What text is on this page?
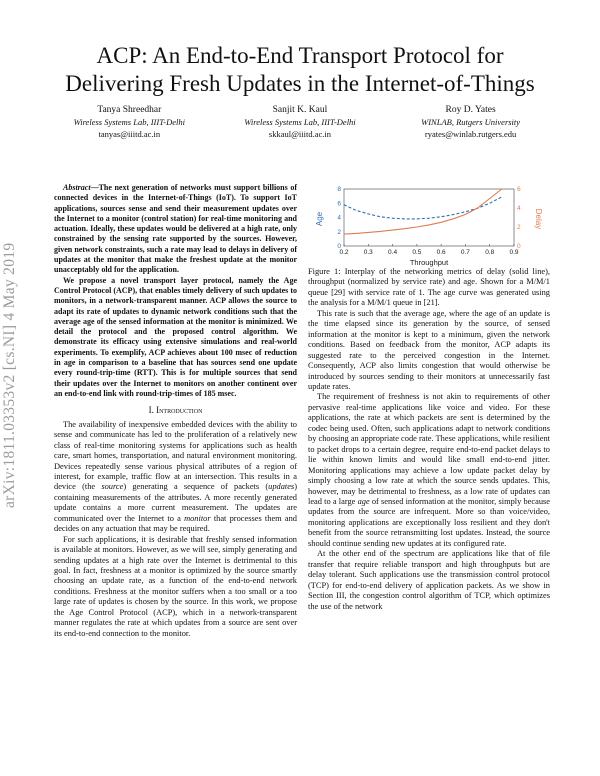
ACP: An End-to-End Transport Protocol for
Delivering Fresh Updates in the Internet-of-Things
Tanya Shreedhar
Wireless Systems Lab, IIIT-Delhi
tanyas@iiitd.ac.in
Sanjit K. Kaul
Wireless Systems Lab, IIIT-Delhi
skkaul@iiitd.ac.in
Roy D. Yates
WINLAB, Rutgers University
ryates@winlab.rutgers.edu
arXiv:1811.03353v2 [cs.NI] 4 May 2019

Abstract—The next generation of networks must support billions of connected devices in the Internet-of-Things (IoT). To support IoT applications, sources sense and send their measurement updates over the Internet to a monitor (control station) for real-time monitoring and actuation. Ideally, these updates would be delivered at a high rate, only constrained by the sensing rate supported by the sources. However, given network constraints, such a rate may lead to delays in delivery of updates at the monitor that make the freshest update at the monitor unacceptably old for the application.

We propose a novel transport layer protocol, namely the Age Control Protocol (ACP), that enables timely delivery of such updates to monitors, in a network-transparent manner. ACP allows the source to adapt its rate of updates to dynamic network conditions such that the average age of the sensed information at the monitor is minimized. We detail the protocol and the proposed control algorithm. We demonstrate its efficacy using extensive simulations and real-world experiments. To exemplify, ACP achieves about 100 msec of reduction in age in comparison to a baseline that has sources send one update every round-trip-time (RTT). This is for multiple sources that send their updates over the Internet to monitors on another continent over an end-to-end link with round-trip-times of 185 msec.

I. Introduction

The availability of inexpensive embedded devices with the ability to sense and communicate has led to the proliferation of a relatively new class of real-time monitoring systems for applications such as health care, smart homes, transportation, and natural environment monitoring. Devices repeatedly sense various physical attributes of a region of interest, for example, traffic flow at an intersection. This results in a device (the source) generating a sequence of packets (updates) containing measurements of the attributes. A more recently generated update contains a more current measurement. The updates are communicated over the Internet to a monitor that processes them and decides on any actuation that may be required.

For such applications, it is desirable that freshly sensed information is available at monitors. However, as we will see, simply generating and sending updates at a high rate over the Internet is detrimental to this goal. In fact, freshness at a monitor is optimized by the source smartly choosing an update rate, as a function of the end-to-end network conditions. Freshness at the monitor suffers when a too small or a too large rate of updates is chosen by the source. In this work, we propose the Age Control Protocol (ACP), which in a network-transparent manner regulates the rate at which updates from a source are sent over its end-to-end connection to the monitor.

Age	Delay
Throughput
0.2 0.3 0.4 0.5 0.6 0.7 0.8 0.9
0
2
4
6
8
0
2
4
6

Figure 1: Interplay of the networking metrics of delay (solid line), throughput (normalized by service rate) and age. Shown for a M/M/1 queue [29] with service rate of 1. The age curve was generated using the analysis for a M/M/1 queue in [21].

This rate is such that the average age, where the age of an update is the time elapsed since its generation by the source, of sensed information at the monitor is kept to a minimum, given the network conditions. Based on feedback from the monitor, ACP adapts its suggested rate to the perceived congestion in the Internet. Consequently, ACP also limits congestion that would otherwise be introduced by sources sending to their monitors at unnecessarily fast update rates.

The requirement of freshness is not akin to requirements of other pervasive real-time applications like voice and video. For these applications, the rate at which packets are sent is determined by the codec being used. Often, such applications adapt to network conditions by choosing an appropriate code rate. These applications, while resilient to packet drops to a certain degree, require end-to-end packet delays to lie within known limits and would like small end-to-end jitter. Monitoring applications may achieve a low update packet delay by simply choosing a low rate at which the source sends updates. This, however, may be detrimental to freshness, as a low rate of updates can lead to a large age of sensed information at the monitor, simply because updates from the source are infrequent. More so than voice/video, monitoring applications are exceptionally loss resilient and they don't benefit from the source retransmitting lost updates. Instead, the source should continue sending new updates at its configured rate.

At the other end of the spectrum are applications like that of file transfer that require reliable transport and high throughputs but are delay tolerant. Such applications use the transmission control protocol (TCP) for end-to-end delivery of application packets. As we show in Section III, the congestion control algorithm of TCP, which optimizes the use of the network
